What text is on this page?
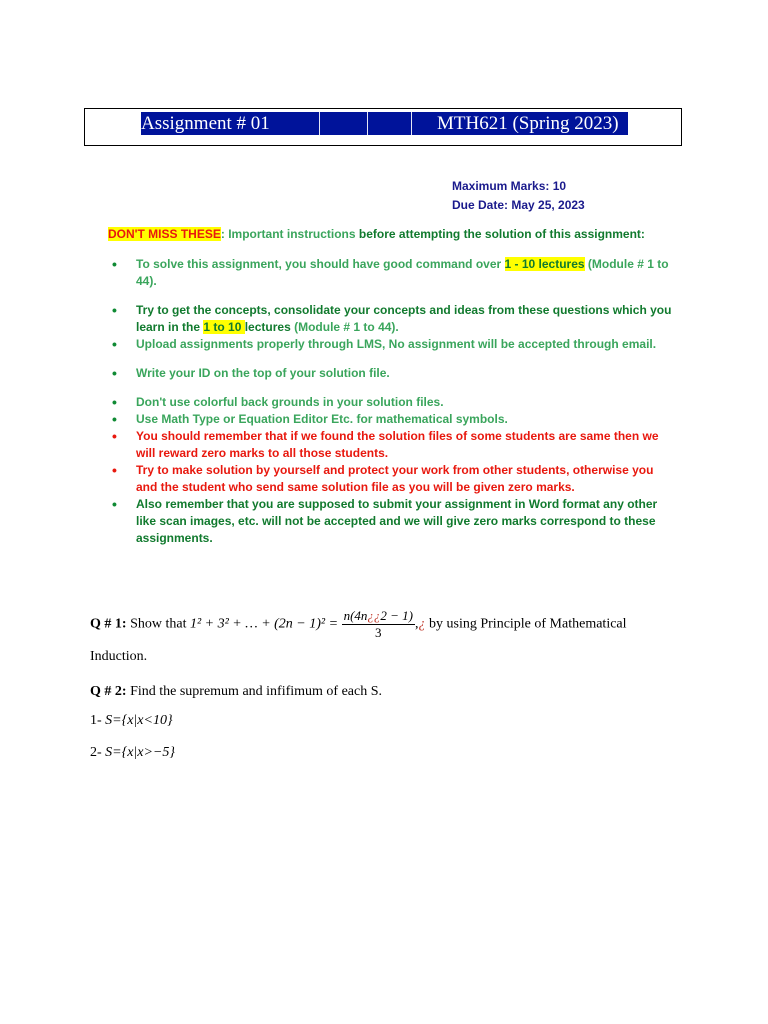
Assignment # 01	MTH621 (Spring 2023)
Maximum Marks: 10
Due Date: May 25, 2023
DON'T MISS THESE: Important instructions before attempting the solution of this assignment:
• To solve this assignment, you should have good command over 1 - 10 lectures (Module # 1 to 44).
• Try to get the concepts, consolidate your concepts and ideas from these questions which you learn in the 1 to 10 lectures (Module # 1 to 44).
• Upload assignments properly through LMS, No assignment will be accepted through email.
• Write your ID on the top of your solution file.
• Don't use colorful back grounds in your solution files.
• Use Math Type or Equation Editor Etc. for mathematical symbols.
• You should remember that if we found the solution files of some students are same then we will reward zero marks to all those students.
• Try to make solution by yourself and protect your work from other students, otherwise you and the student who send same solution file as you will be given zero marks.
• Also remember that you are supposed to submit your assignment in Word format any other like scan images, etc. will not be accepted and we will give zero marks correspond to these assignments.
Q # 1: Show that 1² + 3² + … + $(2n - 1)^2 = \frac{n(4n¿¿2 - 1)}{3}$ ,¿ by using Principle of Mathematical
Induction.
Q # 2: Find the supremum and infifimum of each S.
1- S={x|x<10}
2- S={x|x>−5}
